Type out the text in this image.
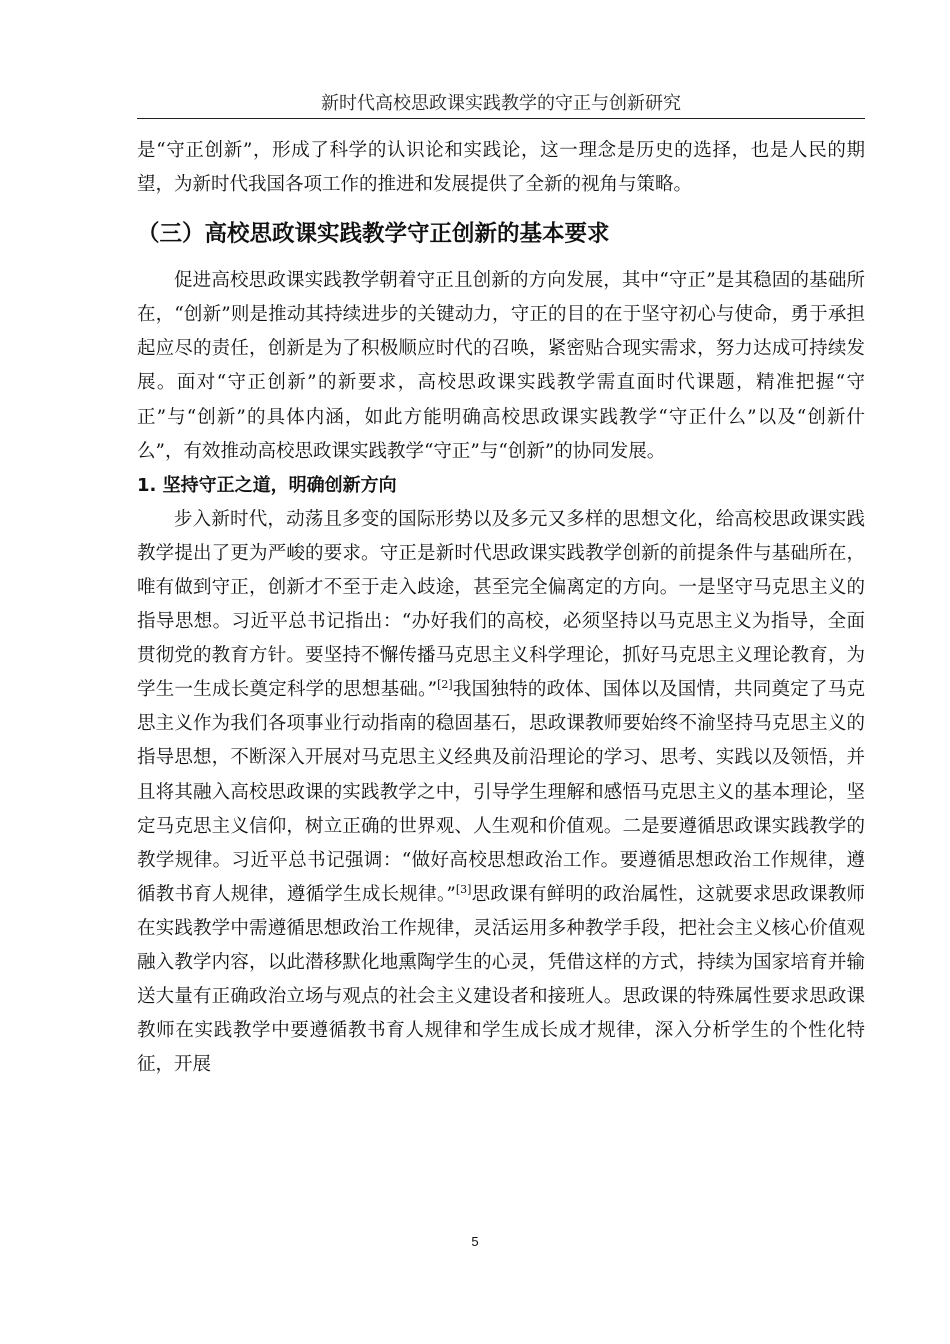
新时代高校思政课实践教学的守正与创新研究

是“守正创新”，形成了科学的认识论和实践论，这一理念是历史的选择，也是人民的期望，为新时代我国各项工作的推进和发展提供了全新的视角与策略。

（三）高校思政课实践教学守正创新的基本要求

促进高校思政课实践教学朝着守正且创新的方向发展，其中“守正”是其稳固的基础所在，“创新”则是推动其持续进步的关键动力，守正的目的在于坚守初心与使命，勇于承担起应尽的责任，创新是为了积极顺应时代的召唤，紧密贴合现实需求，努力达成可持续发展。面对“守正创新”的新要求，高校思政课实践教学需直面时代课题，精准把握“守正”与“创新”的具体内涵，如此方能明确高校思政课实践教学“守正什么”以及“创新什么”，有效推动高校思政课实践教学“守正”与“创新”的协同发展。

1. 坚持守正之道，明确创新方向

步入新时代，动荡且多变的国际形势以及多元又多样的思想文化，给高校思政课实践教学提出了更为严峻的要求。守正是新时代思政课实践教学创新的前提条件与基础所在，唯有做到守正，创新才不至于走入歧途，甚至完全偏离定的方向。一是坚守马克思主义的指导思想。习近平总书记指出：“办好我们的高校，必须坚持以马克思主义为指导，全面贯彻党的教育方针。要坚持不懈传播马克思主义科学理论，抓好马克思主义理论教育，为学生一生成长奠定科学的思想基础。”[2]我国独特的政体、国体以及国情，共同奠定了马克思主义作为我们各项事业行动指南的稳固基石，思政课教师要始终不渝坚持马克思主义的指导思想，不断深入开展对马克思主义经典及前沿理论的学习、思考、实践以及领悟，并且将其融入高校思政课的实践教学之中，引导学生理解和感悟马克思主义的基本理论，坚定马克思主义信仰，树立正确的世界观、人生观和价值观。二是要遵循思政课实践教学的教学规律。习近平总书记强调：“做好高校思想政治工作。要遵循思想政治工作规律，遵循教书育人规律，遵循学生成长规律。”[3]思政课有鲜明的政治属性，这就要求思政课教师在实践教学中需遵循思想政治工作规律，灵活运用多种教学手段，把社会主义核心价值观融入教学内容，以此潜移默化地熏陶学生的心灵，凭借这样的方式，持续为国家培育并输送大量有正确政治立场与观点的社会主义建设者和接班人。思政课的特殊属性要求思政课教师在实践教学中要遵循教书育人规律和学生成长成才规律，深入分析学生的个性化特征，开展

5
